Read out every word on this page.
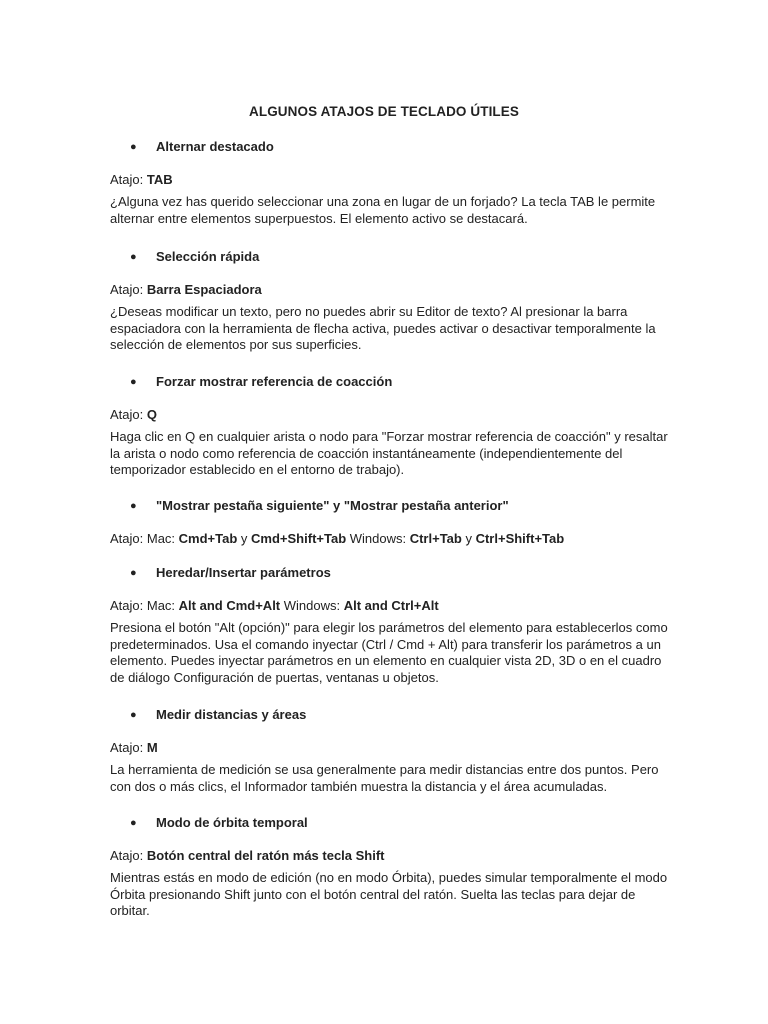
ALGUNOS ATAJOS DE TECLADO ÚTILES
● Alternar destacado
Atajo: TAB
¿Alguna vez has querido seleccionar una zona en lugar de un forjado? La tecla TAB le permite alternar entre elementos superpuestos. El elemento activo se destacará.
● Selección rápida
Atajo: Barra Espaciadora
¿Deseas modificar un texto, pero no puedes abrir su Editor de texto? Al presionar la barra espaciadora con la herramienta de flecha activa, puedes activar o desactivar temporalmente la selección de elementos por sus superficies.
● Forzar mostrar referencia de coacción
Atajo: Q
Haga clic en Q en cualquier arista o nodo para "Forzar mostrar referencia de coacción" y resaltar la arista o nodo como referencia de coacción instantáneamente (independientemente del temporizador establecido en el entorno de trabajo).
● "Mostrar pestaña siguiente" y "Mostrar pestaña anterior"
Atajo: Mac: Cmd+Tab y Cmd+Shift+Tab Windows: Ctrl+Tab y Ctrl+Shift+Tab
● Heredar/Insertar parámetros
Atajo: Mac: Alt and Cmd+Alt Windows: Alt and Ctrl+Alt
Presiona el botón "Alt (opción)" para elegir los parámetros del elemento para establecerlos como predeterminados. Usa el comando inyectar (Ctrl / Cmd + Alt) para transferir los parámetros a un elemento. Puedes inyectar parámetros en un elemento en cualquier vista 2D, 3D o en el cuadro de diálogo Configuración de puertas, ventanas u objetos.
● Medir distancias y áreas
Atajo: M
La herramienta de medición se usa generalmente para medir distancias entre dos puntos. Pero con dos o más clics, el Informador también muestra la distancia y el área acumuladas.
● Modo de órbita temporal
Atajo: Botón central del ratón más tecla Shift
Mientras estás en modo de edición (no en modo Órbita), puedes simular temporalmente el modo Órbita presionando Shift junto con el botón central del ratón. Suelta las teclas para dejar de orbitar.
